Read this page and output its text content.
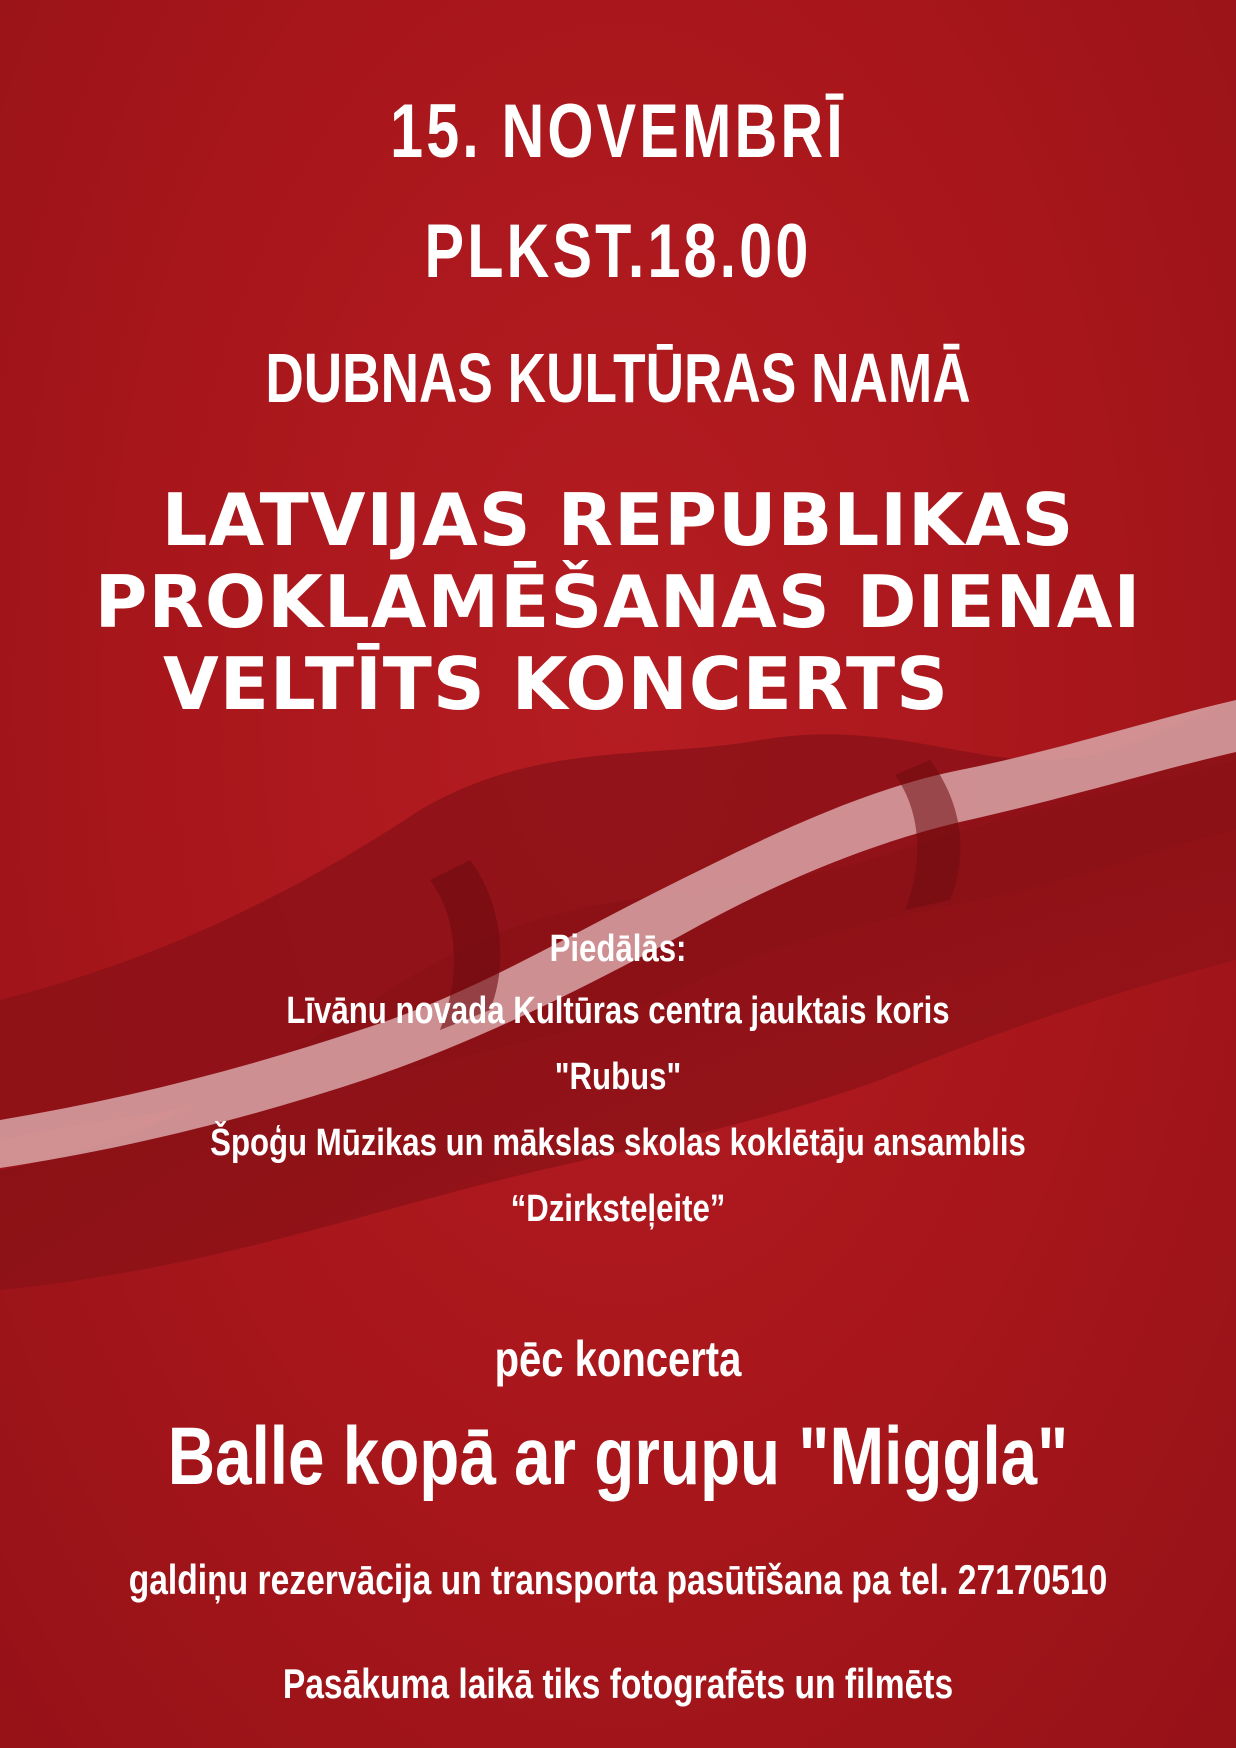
15. NOVEMBRĪ
PLKST.18.00
DUBNAS KULTŪRAS NAMĀ
LATVIJAS REPUBLIKAS
PROKLAMĒŠANAS DIENAI
VELTĪTS KONCERTS
Piedālās:
Līvānu novada Kultūras centra jauktais koris
"Rubus"
Špoģu Mūzikas un mākslas skolas koklētāju ansamblis
“Dzirksteļeite”
pēc koncerta
Balle kopā ar grupu "Miggla"
galdiņu rezervācija un transporta pasūtīšana pa tel. 27170510
Pasākuma laikā tiks fotografēts un filmēts
